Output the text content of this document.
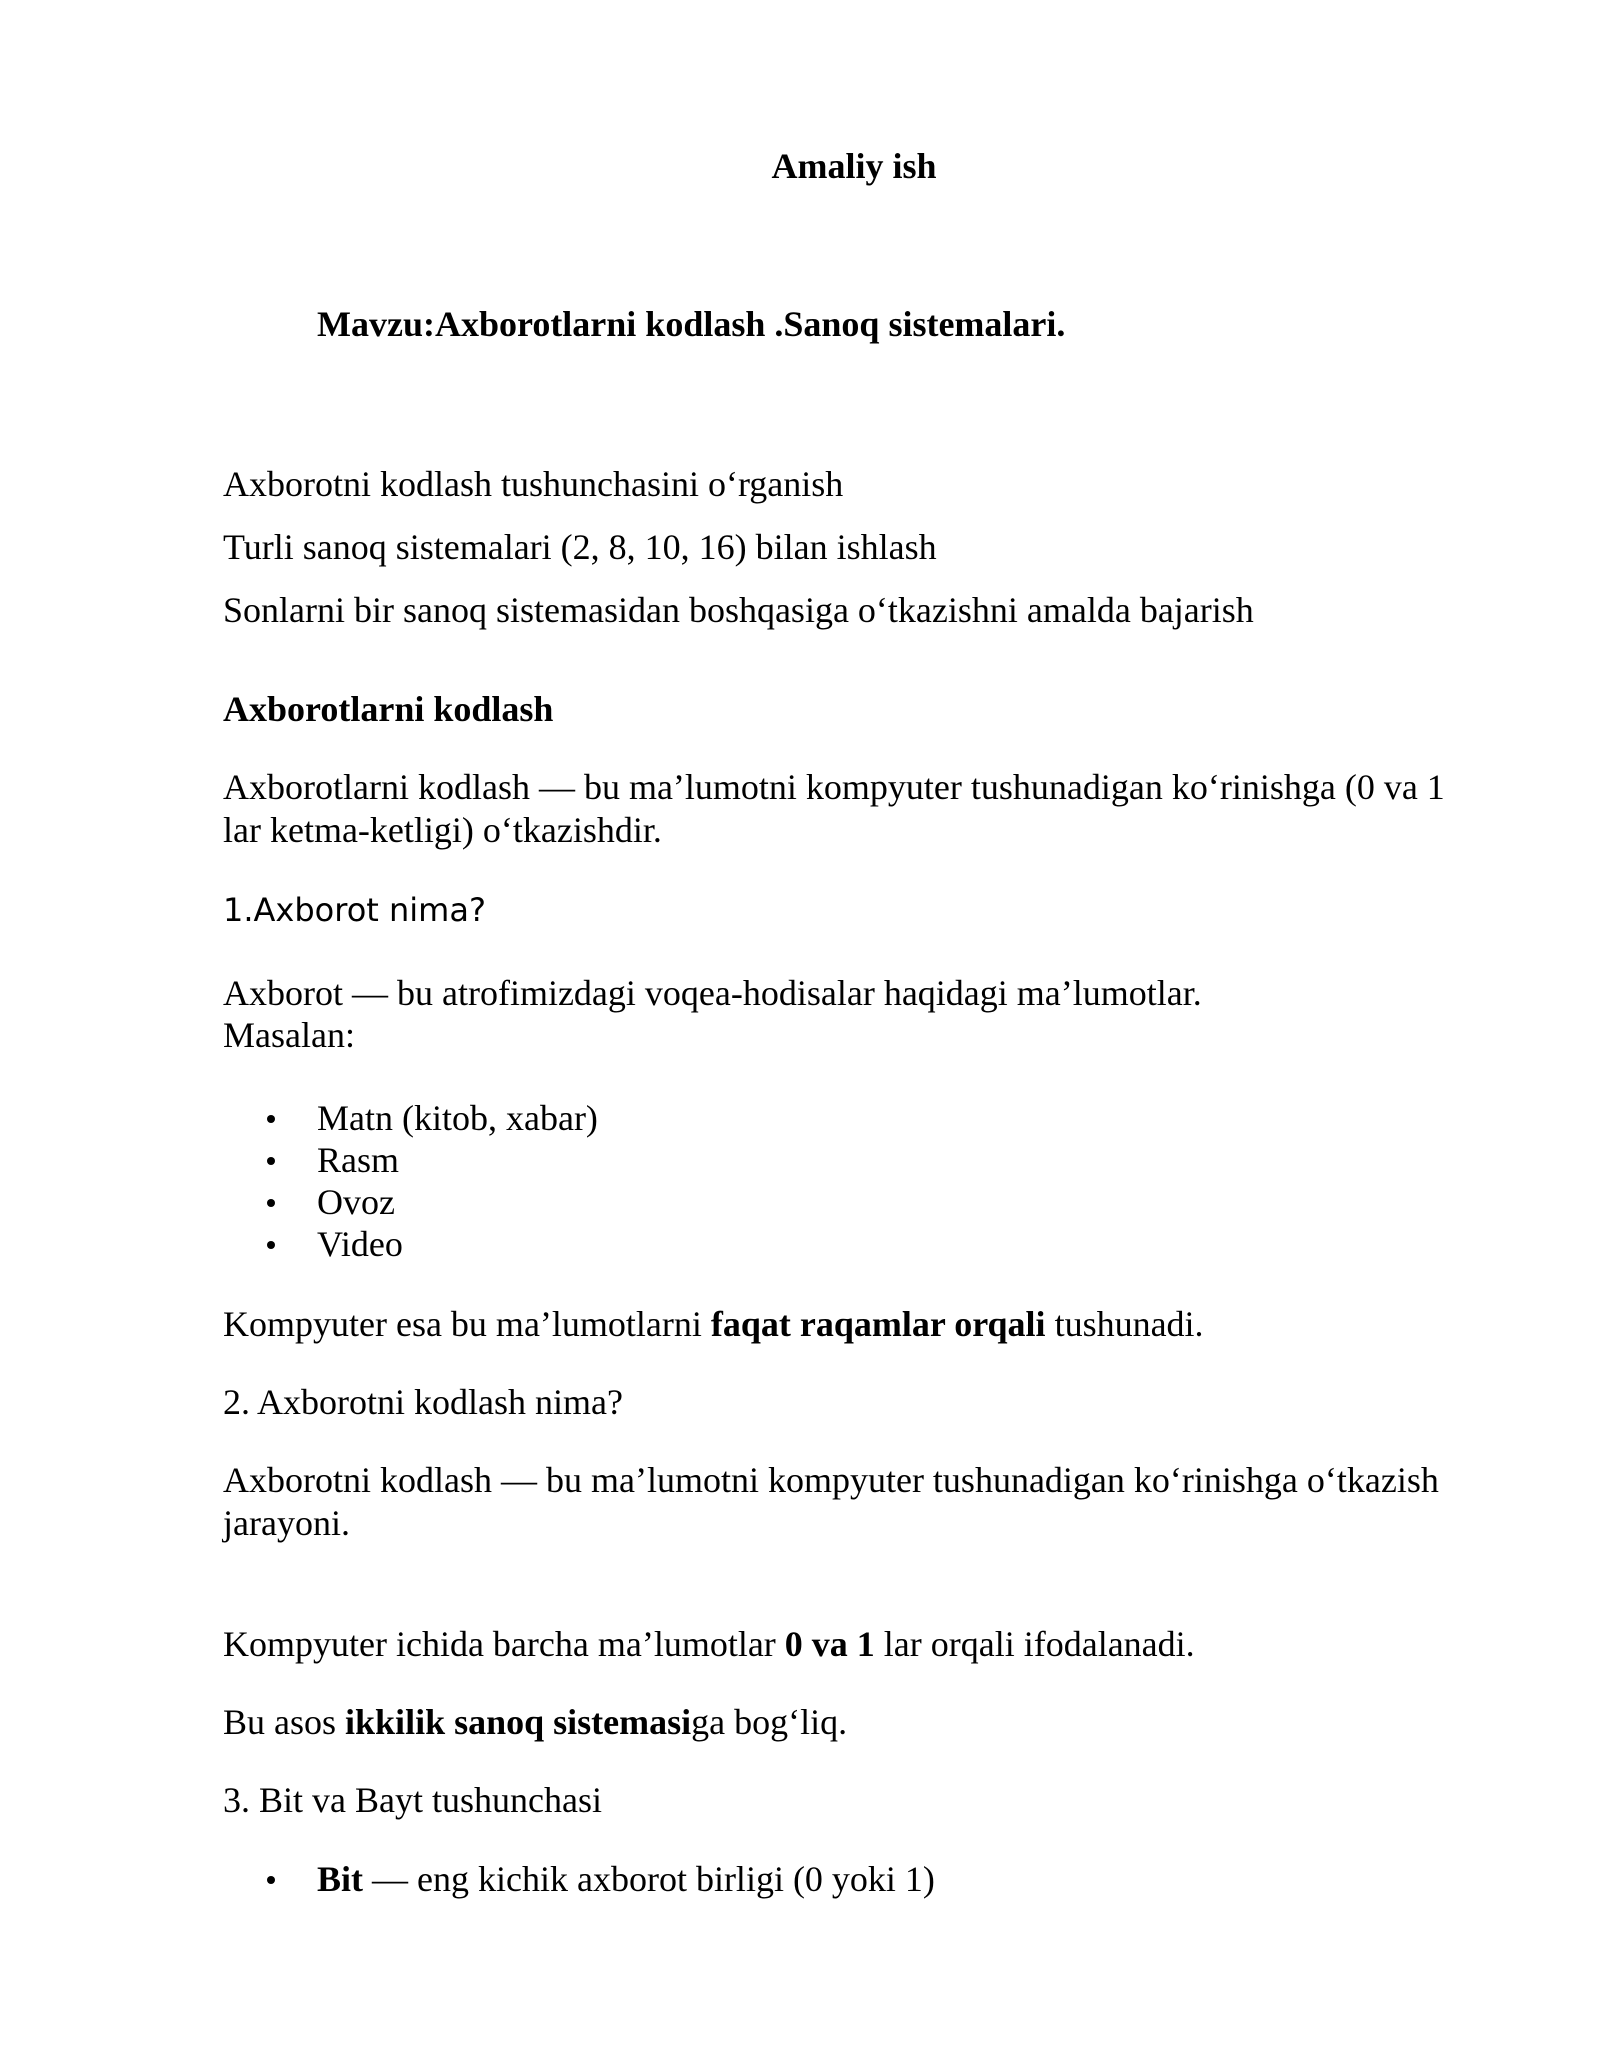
Amaliy ish
Mavzu:Axborotlarni kodlash .Sanoq sistemalari.
Axborotni kodlash tushunchasini o‘rganish
Turli sanoq sistemalari (2, 8, 10, 16) bilan ishlash
Sonlarni bir sanoq sistemasidan boshqasiga o‘tkazishni amalda bajarish
Axborotlarni kodlash
Axborotlarni kodlash — bu ma’lumotni kompyuter tushunadigan ko‘rinishga (0 va 1 lar ketma-ketligi) o‘tkazishdir.
1.Axborot nima?
Axborot — bu atrofimizdagi voqea-hodisalar haqidagi ma’lumotlar.
Masalan:
Matn (kitob, xabar)
Rasm
Ovoz
Video
Kompyuter esa bu ma’lumotlarni faqat raqamlar orqali tushunadi.
2. Axborotni kodlash nima?
Axborotni kodlash — bu ma’lumotni kompyuter tushunadigan ko‘rinishga o‘tkazish jarayoni.
Kompyuter ichida barcha ma’lumotlar 0 va 1 lar orqali ifodalanadi.
Bu asos ikkilik sanoq sistemasiga bog‘liq.
3. Bit va Bayt tushunchasi
Bit — eng kichik axborot birligi (0 yoki 1)
